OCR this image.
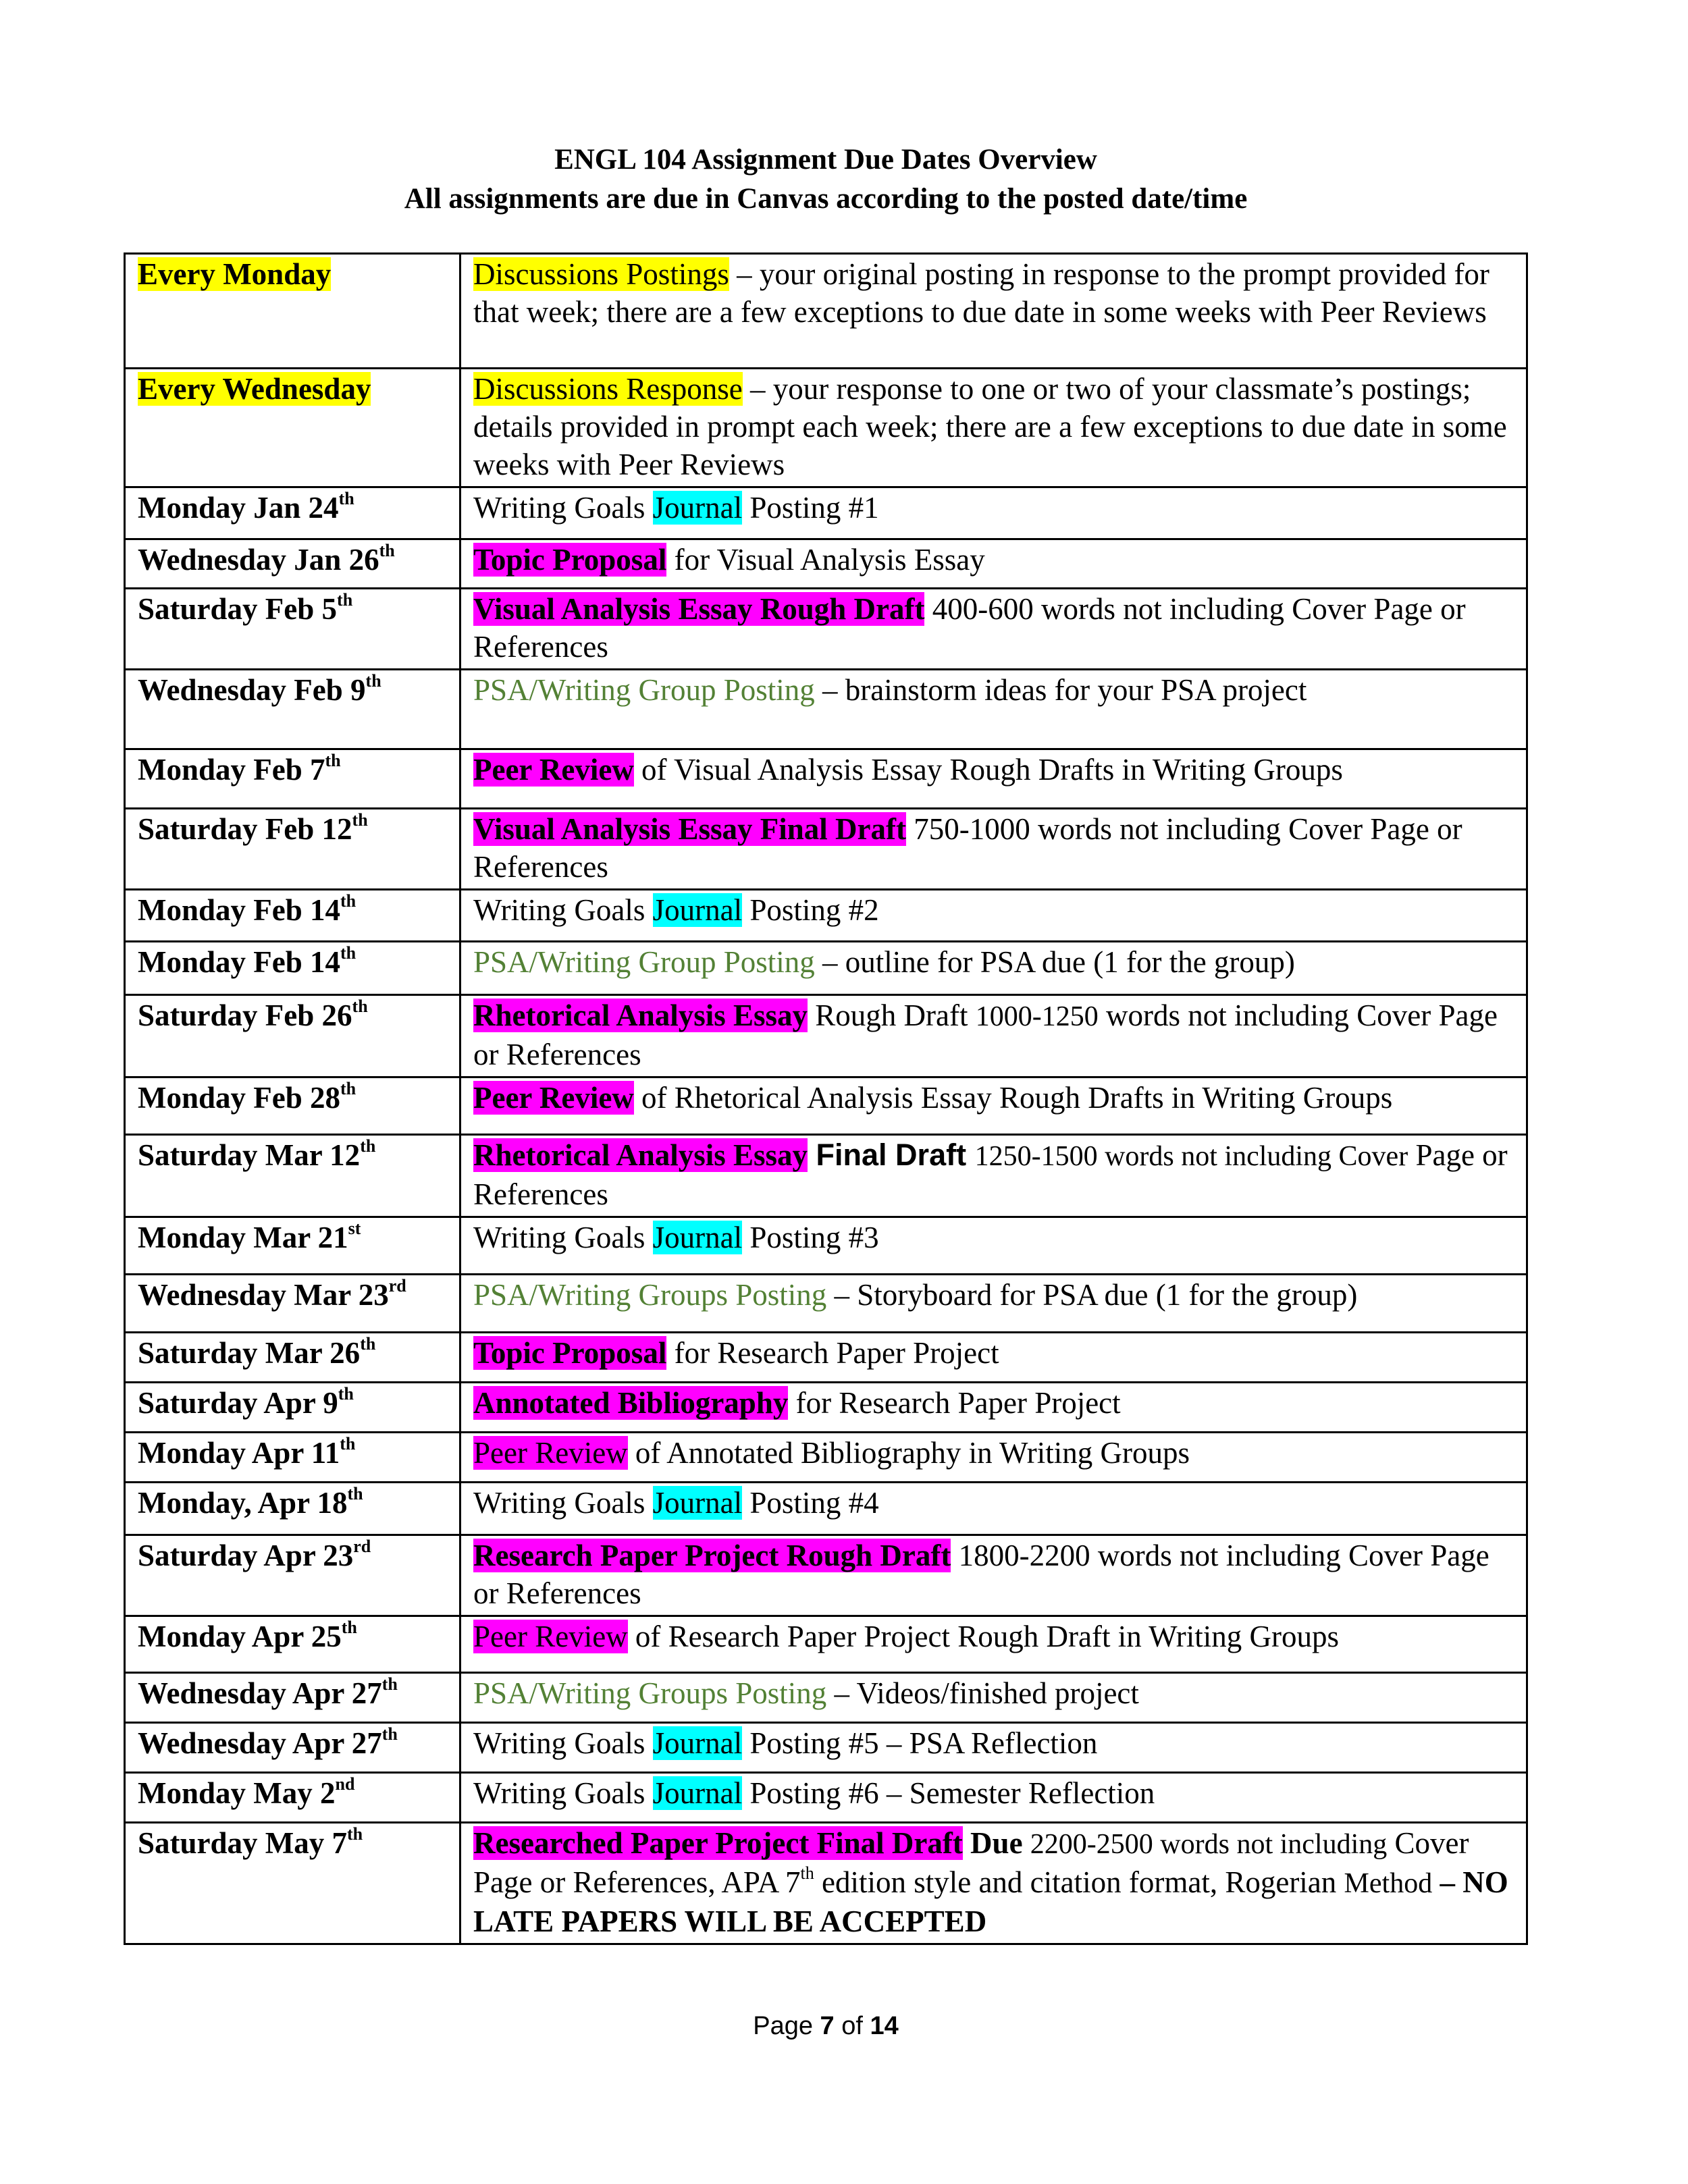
ENGL 104 Assignment Due Dates Overview
All assignments are due in Canvas according to the posted date/time
Every Monday	Discussions Postings – your original posting in response to the prompt provided for that week; there are a few exceptions to due date in some weeks with Peer Reviews
Every Wednesday	Discussions Response – your response to one or two of your classmate’s postings; details provided in prompt each week; there are a few exceptions to due date in some weeks with Peer Reviews
Monday Jan 24th	Writing Goals Journal Posting #1
Wednesday Jan 26th	Topic Proposal for Visual Analysis Essay
Saturday Feb 5th	Visual Analysis Essay Rough Draft 400-600 words not including Cover Page or References
Wednesday Feb 9th	PSA/Writing Group Posting – brainstorm ideas for your PSA project
Monday Feb 7th	Peer Review of Visual Analysis Essay Rough Drafts in Writing Groups
Saturday Feb 12th	Visual Analysis Essay Final Draft 750-1000 words not including Cover Page or References
Monday Feb 14th	Writing Goals Journal Posting #2
Monday Feb 14th	PSA/Writing Group Posting – outline for PSA due (1 for the group)
Saturday Feb 26th	Rhetorical Analysis Essay Rough Draft 1000-1250 words not including Cover Page or References
Monday Feb 28th	Peer Review of Rhetorical Analysis Essay Rough Drafts in Writing Groups
Saturday Mar 12th	Rhetorical Analysis Essay Final Draft 1250-1500 words not including Cover Page or References
Monday Mar 21st	Writing Goals Journal Posting #3
Wednesday Mar 23rd	PSA/Writing Groups Posting – Storyboard for PSA due (1 for the group)
Saturday Mar 26th	Topic Proposal for Research Paper Project
Saturday Apr 9th	Annotated Bibliography for Research Paper Project
Monday Apr 11th	Peer Review of Annotated Bibliography in Writing Groups
Monday, Apr 18th	Writing Goals Journal Posting #4
Saturday Apr 23rd	Research Paper Project Rough Draft 1800-2200 words not including Cover Page or References
Monday Apr 25th	Peer Review of Research Paper Project Rough Draft in Writing Groups
Wednesday Apr 27th	PSA/Writing Groups Posting – Videos/finished project
Wednesday Apr 27th	Writing Goals Journal Posting #5 – PSA Reflection
Monday May 2nd	Writing Goals Journal Posting #6 – Semester Reflection
Saturday May 7th	Researched Paper Project Final Draft Due 2200-2500 words not including Cover Page or References, APA 7th edition style and citation format, Rogerian Method – NO LATE PAPERS WILL BE ACCEPTED
Page 7 of 14
